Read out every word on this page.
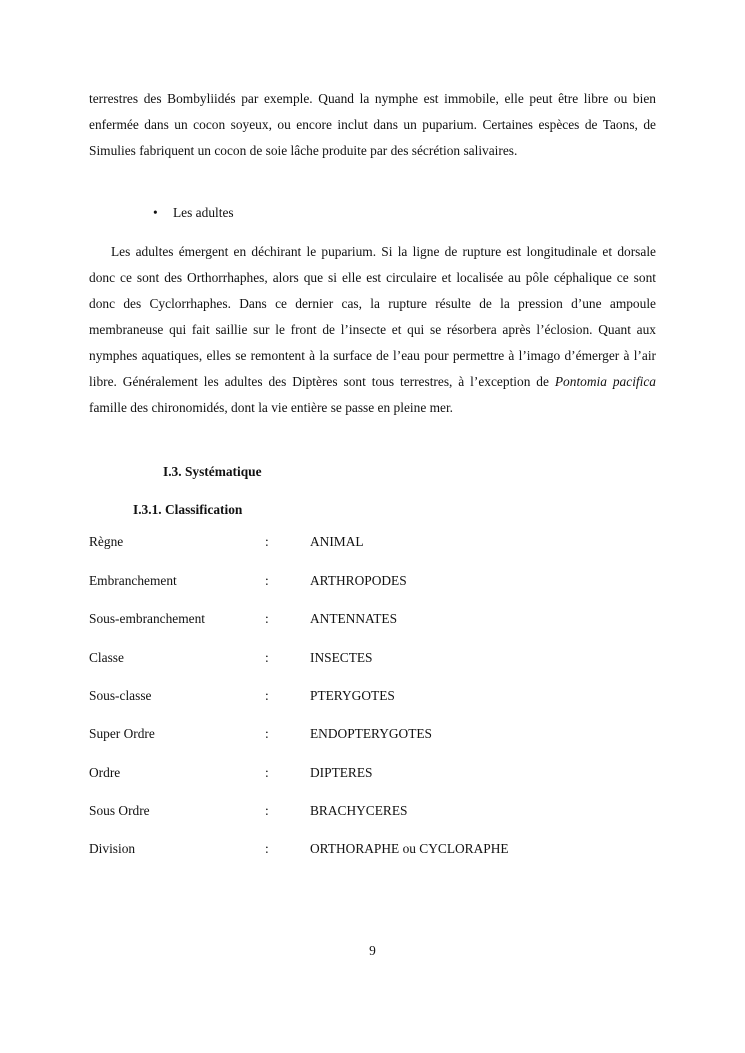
terrestres des Bombyliidés par exemple. Quand la nymphe est immobile, elle peut être libre ou bien enfermée dans un cocon soyeux, ou encore inclut dans un puparium. Certaines espèces de Taons, de Simulies fabriquent un cocon de soie lâche produite par des sécrétion salivaires.

• Les adultes

Les adultes émergent en déchirant le puparium. Si la ligne de rupture est longitudinale et dorsale donc ce sont des Orthorrhaphes, alors que si elle est circulaire et localisée au pôle céphalique ce sont donc des Cyclorrhaphes. Dans ce dernier cas, la rupture résulte de la pression d’une ampoule membraneuse qui fait saillie sur le front de l’insecte et qui se résorbera après l’éclosion. Quant aux nymphes aquatiques, elles se remontent à la surface de l’eau pour permettre à l’imago d’émerger à l’air libre. Généralement les adultes des Diptères sont tous terrestres, à l’exception de Pontomia pacifica famille des chironomidés, dont la vie entière se passe en pleine mer.

I.3. Systématique
I.3.1. Classification
Règne	:	ANIMAL
Embranchement	:	ARTHROPODES
Sous-embranchement	:	ANTENNATES
Classe	:	INSECTES
Sous-classe	:	PTERYGOTES
Super Ordre	:	ENDOPTERYGOTES
Ordre	:	DIPTERES
Sous Ordre	:	BRACHYCERES
Division	:	ORTHORAPHE ou CYCLORAPHE
9
